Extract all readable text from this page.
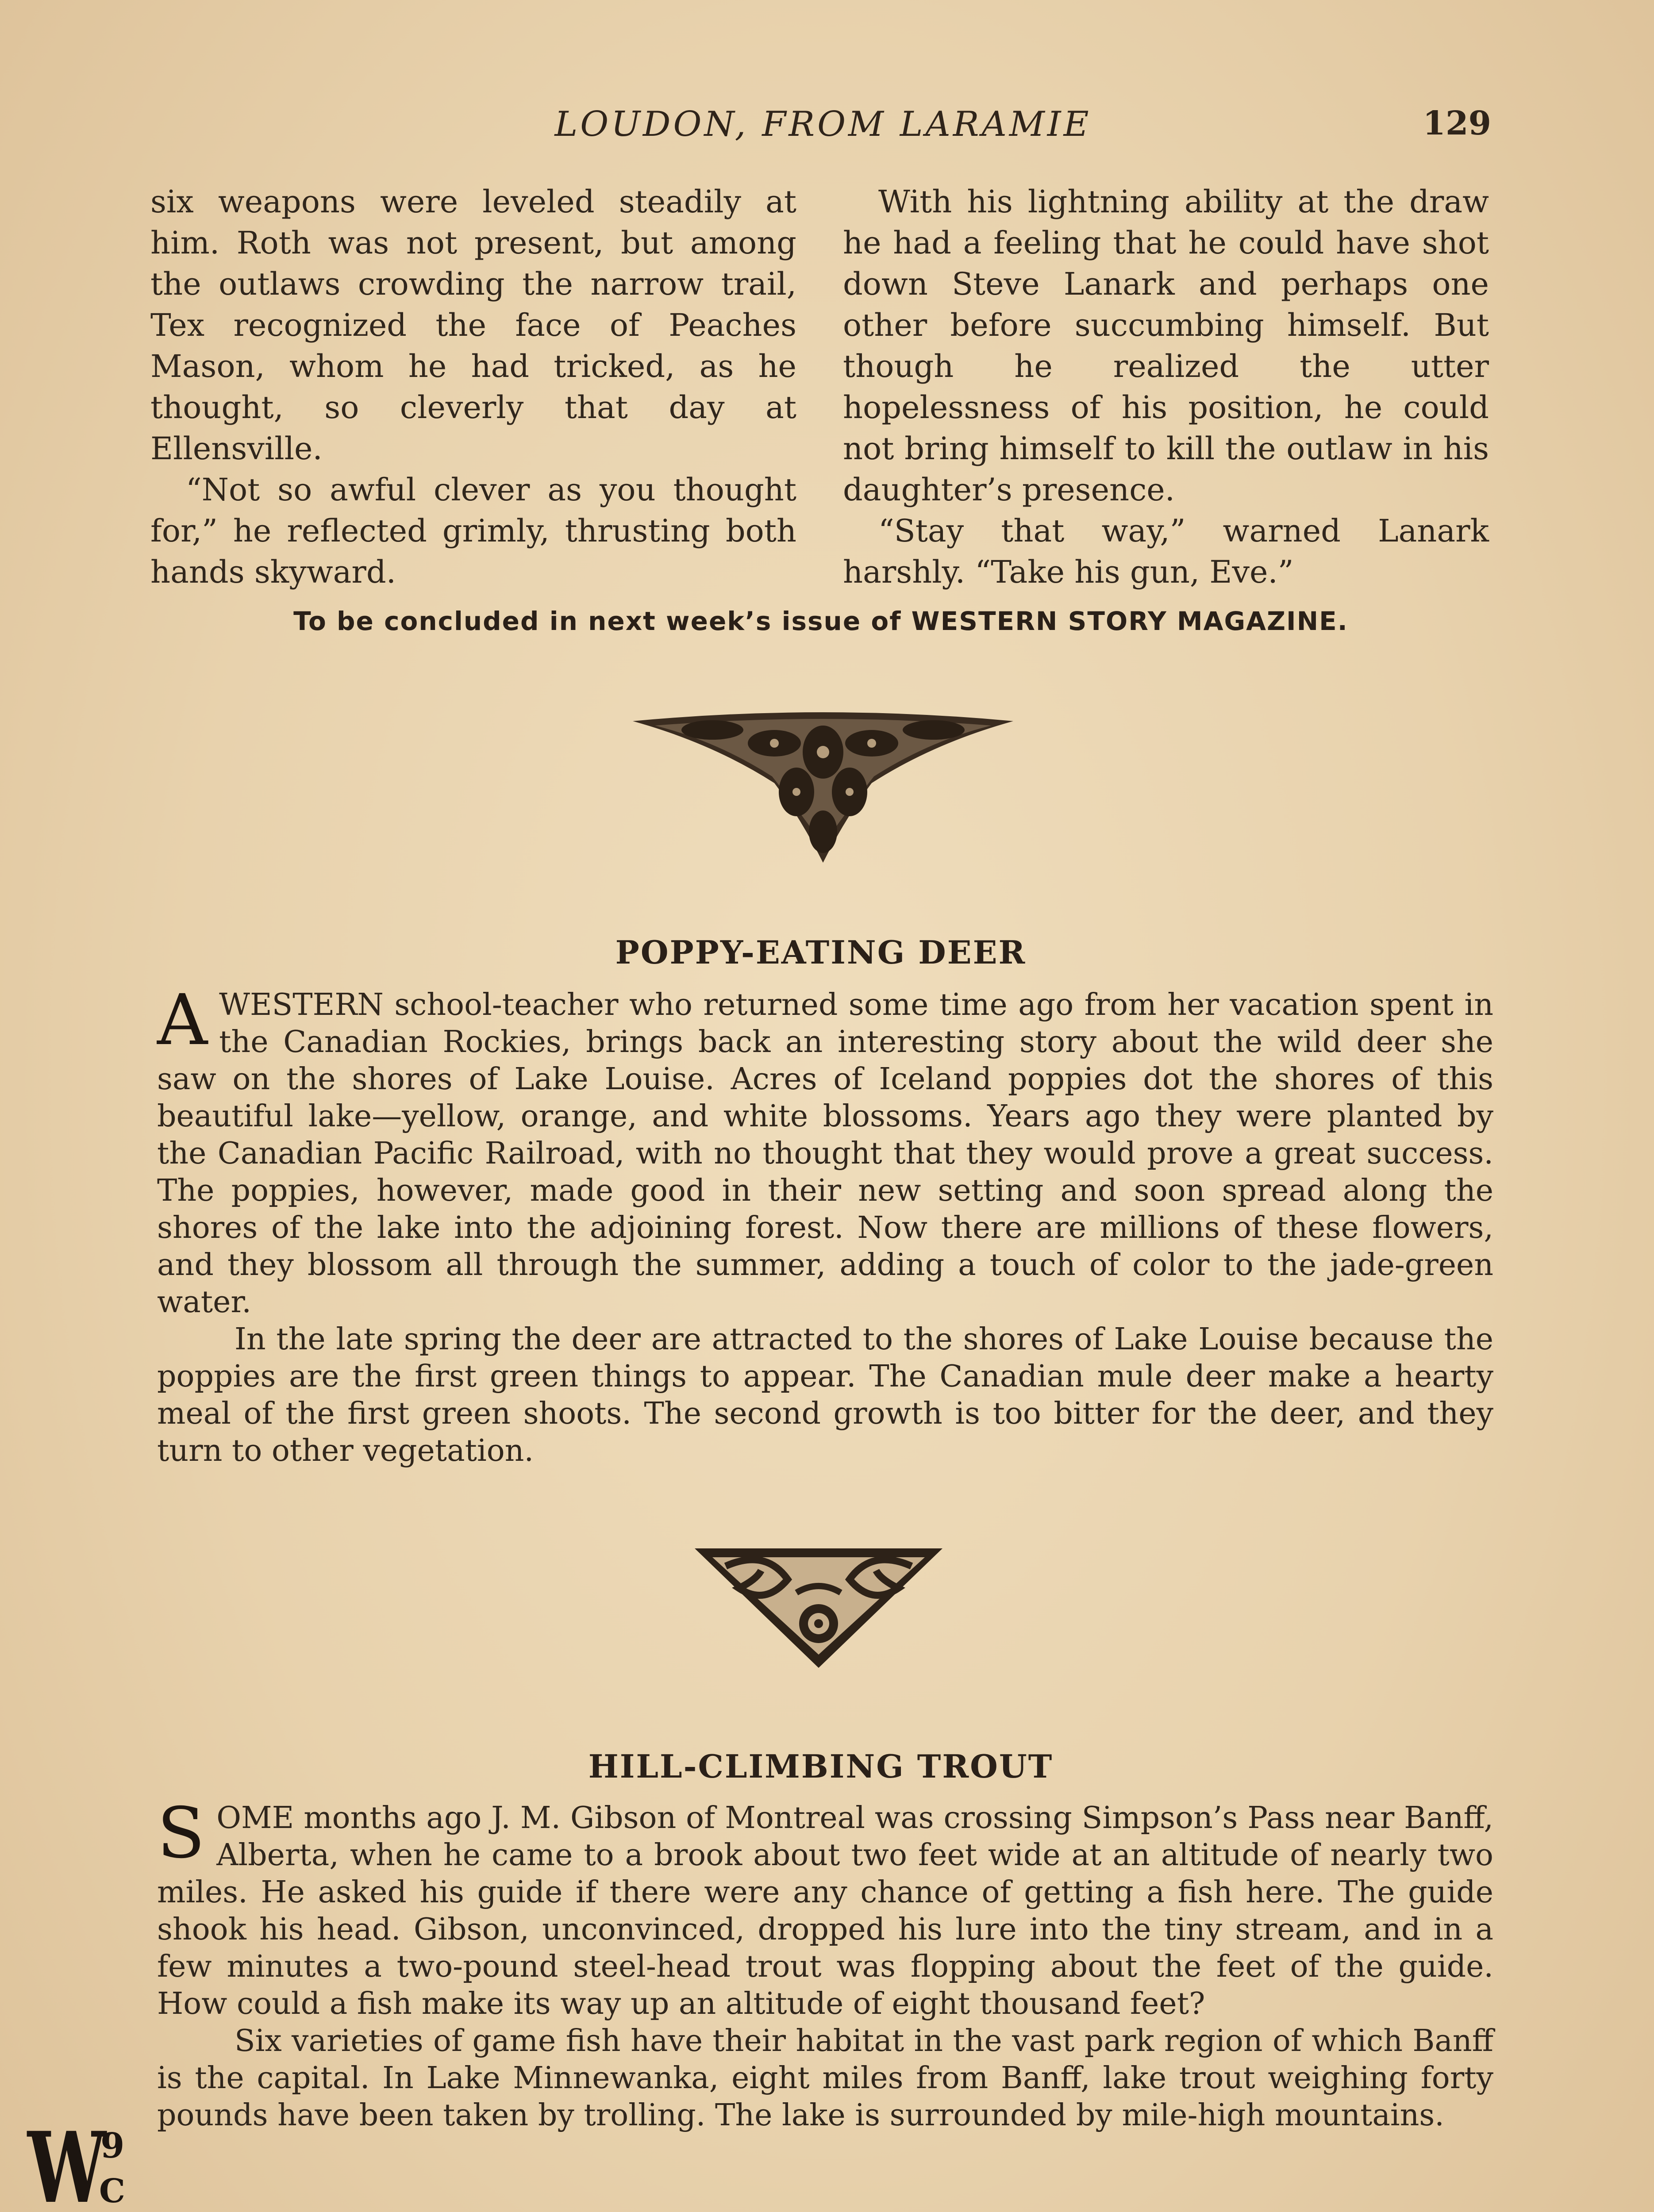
LOUDON, FROM LARAMIE	129

six weapons were leveled steadily at him. Roth was not present, but among the outlaws crowding the narrow trail, Tex recognized the face of Peaches Mason, whom he had tricked, as he thought, so cleverly that day at Ellensville.

“Not so awful clever as you thought for,” he reflected grimly, thrusting both hands skyward.

With his lightning ability at the draw he had a feeling that he could have shot down Steve Lanark and perhaps one other before succumbing himself. But though he realized the utter hopelessness of his position, he could not bring himself to kill the outlaw in his daughter’s presence.

“Stay that way,” warned Lanark harshly. “Take his gun, Eve.”

To be concluded in next week’s issue of WESTERN STORY MAGAZINE.
POPPY-EATING DEER

AWESTERN school-teacher who returned some time ago from her vacation spent in the Canadian Rockies, brings back an interesting story about the wild deer she saw on the shores of Lake Louise. Acres of Iceland poppies dot the shores of this beautiful lake—yellow, orange, and white blossoms. Years ago they were planted by the Canadian Pacific Railroad, with no thought that they would prove a great success. The poppies, however, made good in their new setting and soon spread along the shores of the lake into the adjoining forest. Now there are millions of these flowers, and they blossom all through the summer, adding a touch of color to the jade-green water.

In the late spring the deer are attracted to the shores of Lake Louise because the poppies are the first green things to appear. The Canadian mule deer make a hearty meal of the first green shoots. The second growth is too bitter for the deer, and they turn to other vegetation.

HILL-CLIMBING TROUT

SOME months ago J. M. Gibson of Montreal was crossing Simpson’s Pass near Banff, Alberta, when he came to a brook about two feet wide at an altitude of nearly two miles. He asked his guide if there were any chance of getting a fish here. The guide shook his head. Gibson, unconvinced, dropped his lure into the tiny stream, and in a few minutes a two-pound steel-head trout was flopping about the feet of the guide. How could a fish make its way up an altitude of eight thousand feet?

Six varieties of game fish have their habitat in the vast park region of which Banff is the capital. In Lake Minnewanka, eight miles from Banff, lake trout weighing forty pounds have been taken by trolling. The lake is surrounded by mile-high mountains.

W
9
C
